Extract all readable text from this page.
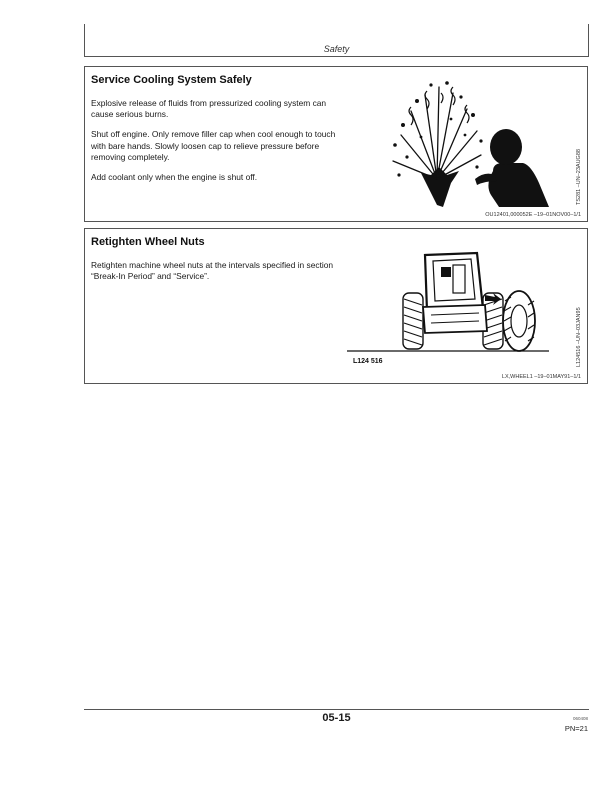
Safety
Service Cooling System Safely

Explosive release of fluids from pressurized cooling system can cause serious burns.

Shut off engine. Only remove filler cap when cool enough to touch with bare hands. Slowly loosen cap to relieve pressure before removing completely.

Add coolant only when the engine is shut off.	TS281 –UN–23AUG88
OU12401,000052E –19–01NOV00–1/1
Retighten Wheel Nuts

Retighten machine wheel nuts at the intervals specified in section “Break-In Period” and “Service”.

L124 516	L124516 –UN–03JAN95
LX,WHEEL1 –19–01MAY91–1/1
05-15	060408
PN=21
